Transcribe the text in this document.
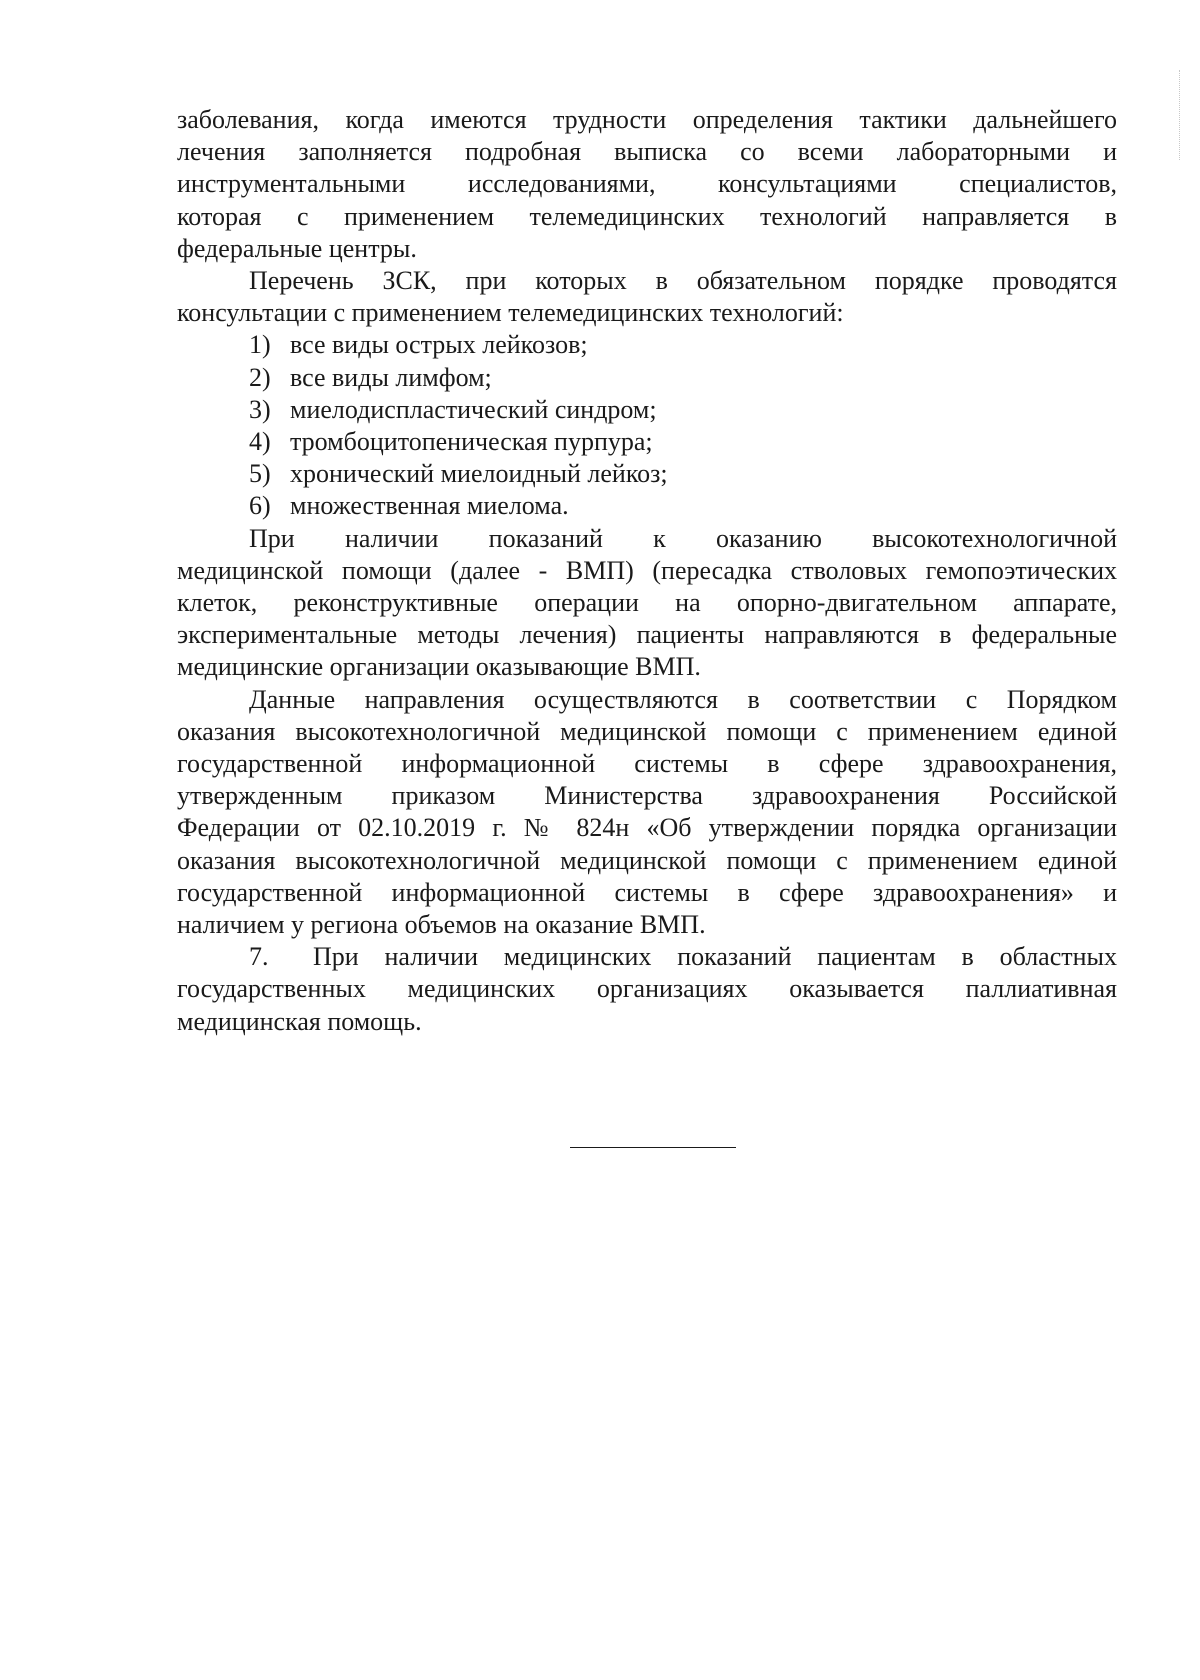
заболевания, когда имеются трудности определения тактики дальнейшего

лечения заполняется подробная выписка со всеми лабораторными и

инструментальными исследованиями, консультациями специалистов,

которая с применением телемедицинских технологий направляется в

федеральные центры.

Перечень ЗСК, при которых в обязательном порядке проводятся

консультации с применением телемедицинских технологий:

1) все виды острых лейкозов;
2) все виды лимфом;
3) миелодиспластический синдром;
4) тромбоцитопеническая пурпура;
5) хронический миелоидный лейкоз;
6) множественная миелома.

При наличии показаний к оказанию высокотехнологичной

медицинской помощи (далее - ВМП) (пересадка стволовых гемопоэтических

клеток, реконструктивные операции на опорно-двигательном аппарате,

экспериментальные методы лечения) пациенты направляются в федеральные

медицинские организации оказывающие ВМП.

Данные направления осуществляются в соответствии с Порядком

оказания высокотехнологичной медицинской помощи с применением единой

государственной информационной системы в сфере здравоохранения,

утвержденным приказом Министерства здравоохранения Российской

Федерации от 02.10.2019 г. № 824н «Об утверждении порядка организации

оказания высокотехнологичной медицинской помощи с применением единой

государственной информационной системы в сфере здравоохранения» и

наличием у региона объемов на оказание ВМП.

7. При наличии медицинских показаний пациентам в областных

государственных медицинских организациях оказывается паллиативная

медицинская помощь.
